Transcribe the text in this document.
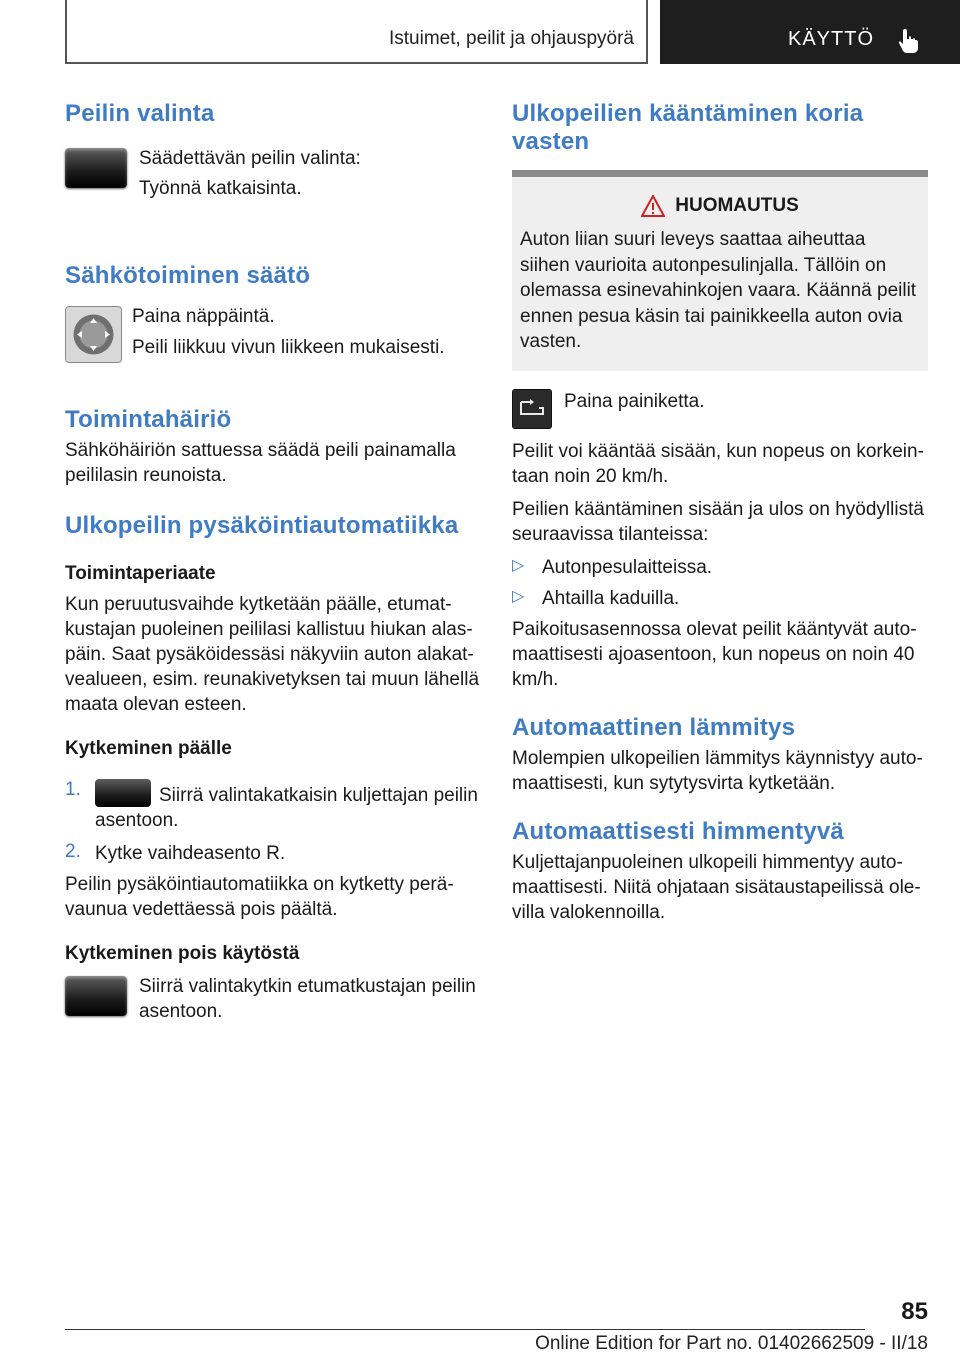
Istuimet, peilit ja ohjauspyörä	KÄYTTÖ
Peilin valinta

Säädettävän peilin valinta:

Työnnä katkaisinta.

Sähkötoiminen säätö

Paina näppäintä.

Peili liikkuu vivun liikkeen mukaisesti.

Toimintahäiriö

Sähköhäiriön sattuessa säädä peili painamalla peililasin reunoista.

Ulkopeilin pysäköintiautomatiikka
Toimintaperiaate

Kun peruutusvaihde kytketään päälle, etumatkustajan puoleinen peililasi kallistuu hiukan alaspäin. Saat pysäköidessäsi näkyviin auton alakatvealueen, esim. reunakivetyksen tai muun lähellä maata olevan esteen.

Kytkeminen päälle
1.	Siirrä valintakatkaisin kuljettajan peilin asentoon.
2. Kytke vaihdeasento R.

Peilin pysäköintiautomatiikka on kytketty perävaunua vedettäessä pois päältä.

Kytkeminen pois käytöstä

Siirrä valintakytkin etumatkustajan peilin asentoon.

Ulkopeilien kääntäminen koria vasten
HUOMAUTUS

Auton liian suuri leveys saattaa aiheuttaa siihen vaurioita autonpesulinjalla. Tällöin on olemassa esinevahinkojen vaara. Käännä peilit ennen pesua käsin tai painikkeella auton ovia vasten.

Paina painiketta.

Peilit voi kääntää sisään, kun nopeus on korkeintaan noin 20 km/h.

Peilien kääntäminen sisään ja ulos on hyödyllistä seuraavissa tilanteissa:

▷ Autonpesulaitteissa.

▷ Ahtailla kaduilla.

Paikoitusasennossa olevat peilit kääntyvät automaattisesti ajoasentoon, kun nopeus on noin 40 km/h.

Automaattinen lämmitys

Molempien ulkopeilien lämmitys käynnistyy automaattisesti, kun sytytysvirta kytketään.

Automaattisesti himmentyvä

Kuljettajanpuoleinen ulkopeili himmentyy automaattisesti. Niitä ohjataan sisätaustapeilissä olevilla valokennoilla.

85
Online Edition for Part no. 01402662509 - II/18
